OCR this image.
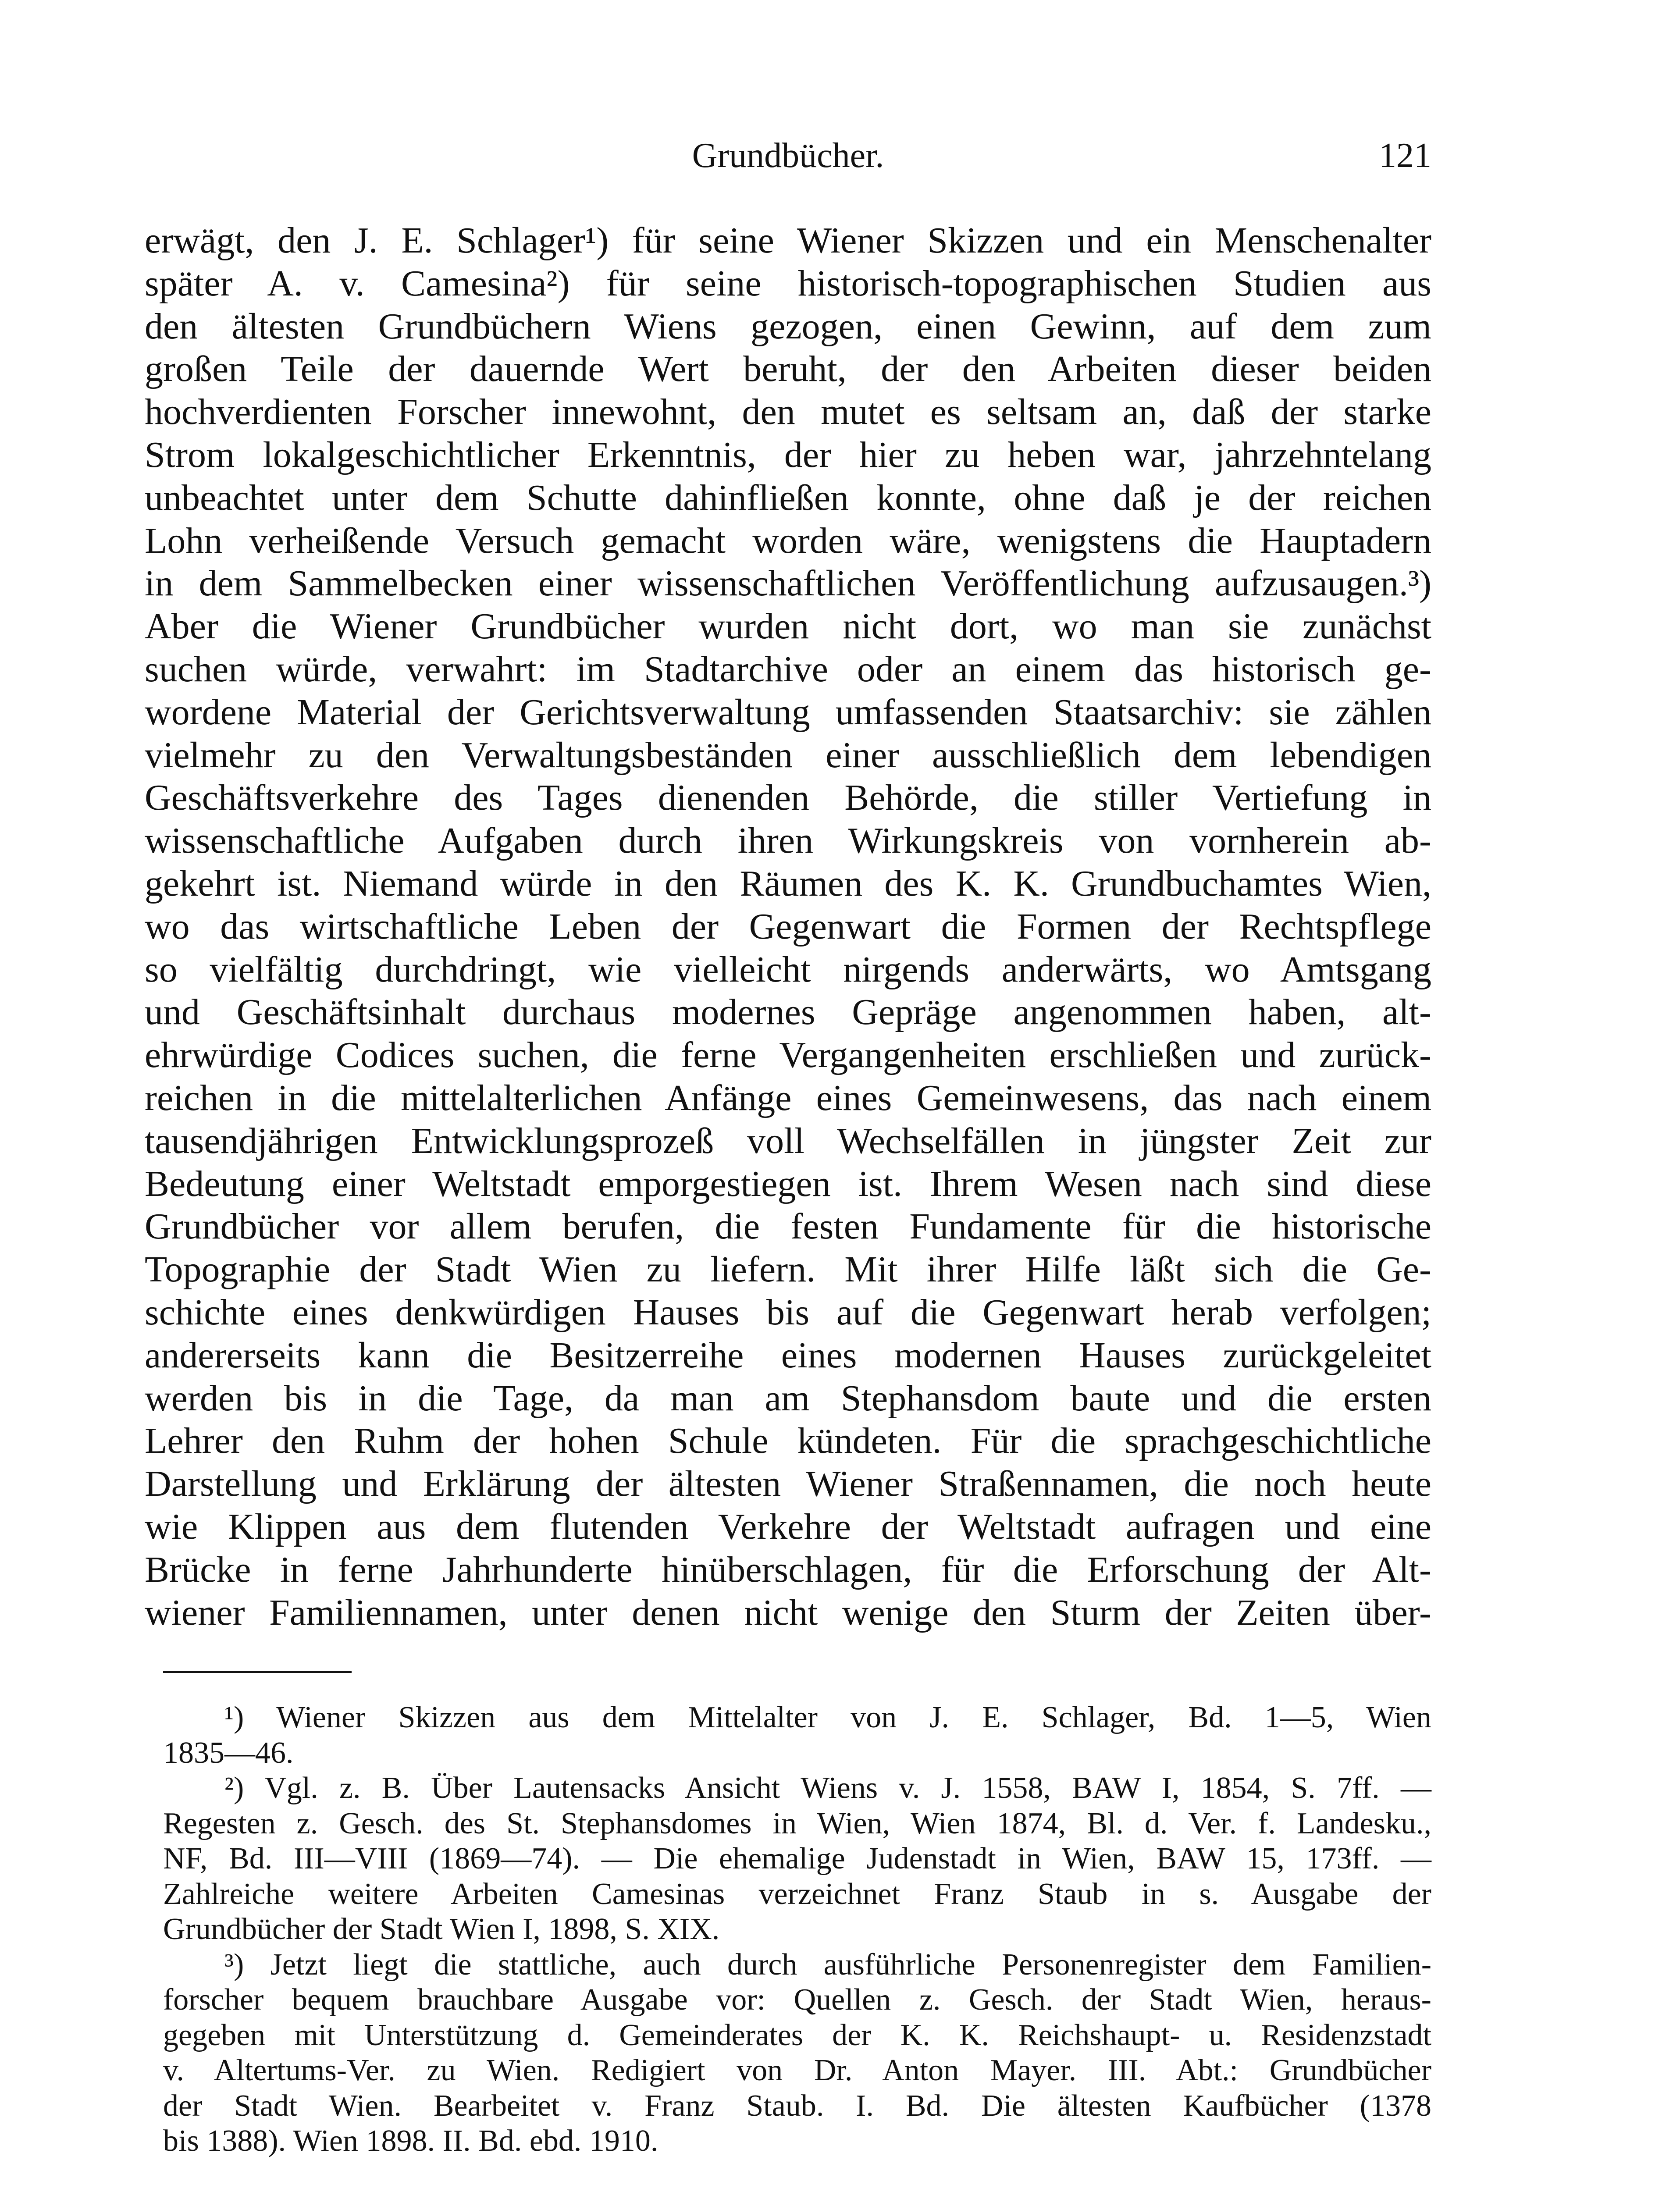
Grundbücher.	121
erwägt, den J. E. Schlager¹) für seine Wiener Skizzen und ein Menschenalter
später A. v. Camesina²) für seine historisch-topographischen Studien aus
den ältesten Grundbüchern Wiens gezogen, einen Gewinn, auf dem zum
großen Teile der dauernde Wert beruht, der den Arbeiten dieser beiden
hochverdienten Forscher innewohnt, den mutet es seltsam an, daß der starke
Strom lokalgeschichtlicher Erkenntnis, der hier zu heben war, jahrzehntelang
unbeachtet unter dem Schutte dahinfließen konnte, ohne daß je der reichen
Lohn verheißende Versuch gemacht worden wäre, wenigstens die Hauptadern
in dem Sammelbecken einer wissenschaftlichen Veröffentlichung aufzusaugen.³)
Aber die Wiener Grundbücher wurden nicht dort, wo man sie zunächst
suchen würde, verwahrt: im Stadtarchive oder an einem das historisch ge-
wordene Material der Gerichtsverwaltung umfassenden Staatsarchiv: sie zählen
vielmehr zu den Verwaltungsbeständen einer ausschließlich dem lebendigen
Geschäftsverkehre des Tages dienenden Behörde, die stiller Vertiefung in
wissenschaftliche Aufgaben durch ihren Wirkungskreis von vornherein ab-
gekehrt ist. Niemand würde in den Räumen des K. K. Grundbuchamtes Wien,
wo das wirtschaftliche Leben der Gegenwart die Formen der Rechtspflege
so vielfältig durchdringt, wie vielleicht nirgends anderwärts, wo Amtsgang
und Geschäftsinhalt durchaus modernes Gepräge angenommen haben, alt-
ehrwürdige Codices suchen, die ferne Vergangenheiten erschließen und zurück-
reichen in die mittelalterlichen Anfänge eines Gemeinwesens, das nach einem
tausendjährigen Entwicklungsprozeß voll Wechselfällen in jüngster Zeit zur
Bedeutung einer Weltstadt emporgestiegen ist. Ihrem Wesen nach sind diese
Grundbücher vor allem berufen, die festen Fundamente für die historische
Topographie der Stadt Wien zu liefern. Mit ihrer Hilfe läßt sich die Ge-
schichte eines denkwürdigen Hauses bis auf die Gegenwart herab verfolgen;
andererseits kann die Besitzerreihe eines modernen Hauses zurückgeleitet
werden bis in die Tage, da man am Stephansdom baute und die ersten
Lehrer den Ruhm der hohen Schule kündeten. Für die sprachgeschichtliche
Darstellung und Erklärung der ältesten Wiener Straßennamen, die noch heute
wie Klippen aus dem flutenden Verkehre der Weltstadt aufragen und eine
Brücke in ferne Jahrhunderte hinüberschlagen, für die Erforschung der Alt-
wiener Familiennamen, unter denen nicht wenige den Sturm der Zeiten über-
¹) Wiener Skizzen aus dem Mittelalter von J. E. Schlager, Bd. 1—5, Wien
1835—46.
²) Vgl. z. B. Über Lautensacks Ansicht Wiens v. J. 1558, BAW I, 1854, S. 7ff. —
Regesten z. Gesch. des St. Stephansdomes in Wien, Wien 1874, Bl. d. Ver. f. Landesku.,
NF, Bd. III—VIII (1869—74). — Die ehemalige Judenstadt in Wien, BAW 15, 173ff. —
Zahlreiche weitere Arbeiten Camesinas verzeichnet Franz Staub in s. Ausgabe der
Grundbücher der Stadt Wien I, 1898, S. XIX.
³) Jetzt liegt die stattliche, auch durch ausführliche Personenregister dem Familien-
forscher bequem brauchbare Ausgabe vor: Quellen z. Gesch. der Stadt Wien, heraus-
gegeben mit Unterstützung d. Gemeinderates der K. K. Reichshaupt- u. Residenzstadt
v. Altertums-Ver. zu Wien. Redigiert von Dr. Anton Mayer. III. Abt.: Grundbücher
der Stadt Wien. Bearbeitet v. Franz Staub. I. Bd. Die ältesten Kaufbücher (1378
bis 1388). Wien 1898. II. Bd. ebd. 1910.
